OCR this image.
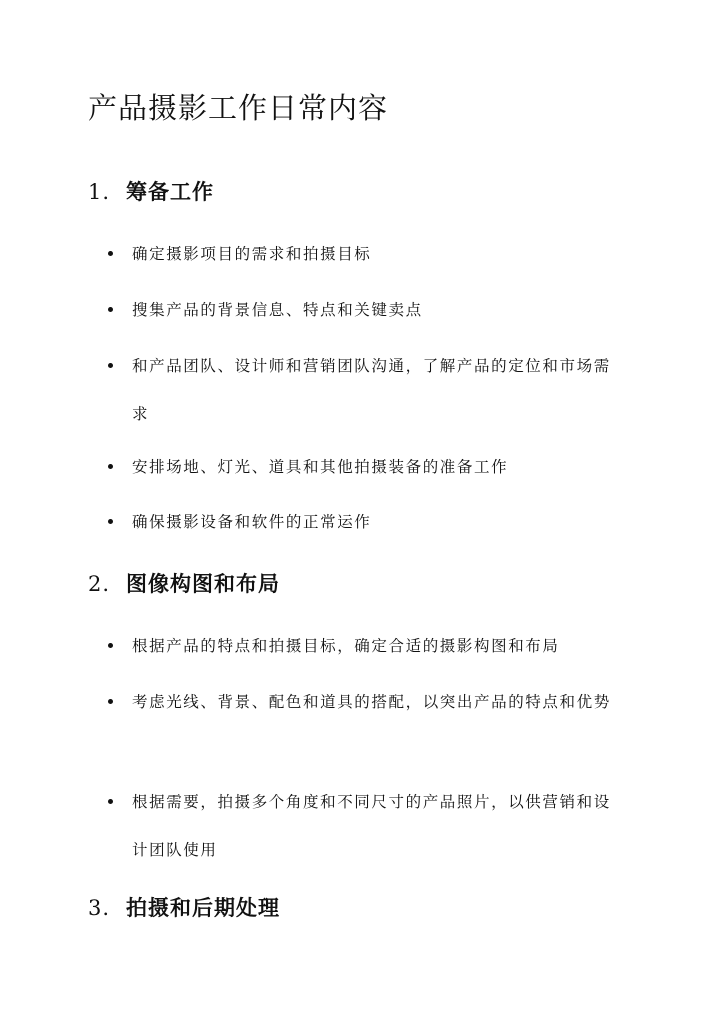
产品摄影工作日常内容
1. 筹备工作
确定摄影项目的需求和拍摄目标
搜集产品的背景信息、特点和关键卖点
和产品团队、设计师和营销团队沟通，了解产品的定位和市场需求
安排场地、灯光、道具和其他拍摄装备的准备工作
确保摄影设备和软件的正常运作
2. 图像构图和布局
根据产品的特点和拍摄目标，确定合适的摄影构图和布局
考虑光线、背景、配色和道具的搭配，以突出产品的特点和优势
根据需要，拍摄多个角度和不同尺寸的产品照片，以供营销和设计团队使用
3. 拍摄和后期处理
